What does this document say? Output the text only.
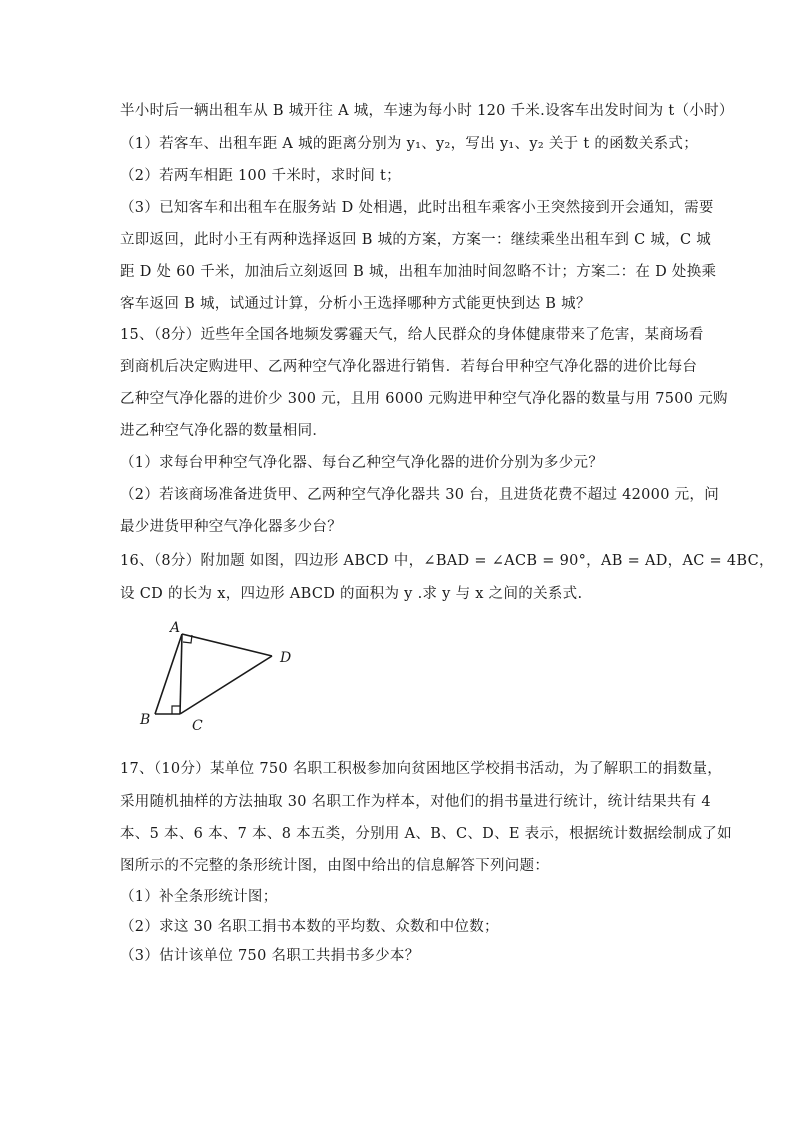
半小时后一辆出租车从 B 城开往 A 城，车速为每小时 120 千米.设客车出发时间为 t（小时）
（1）若客车、出租车距 A 城的距离分别为 y₁、y₂，写出 y₁、y₂ 关于 t 的函数关系式；
（2）若两车相距 100 千米时，求时间 t；
（3）已知客车和出租车在服务站 D 处相遇，此时出租车乘客小王突然接到开会通知，需要
立即返回，此时小王有两种选择返回 B 城的方案，方案一：继续乘坐出租车到 C 城，C 城
距 D 处 60 千米，加油后立刻返回 B 城，出租车加油时间忽略不计；方案二：在 D 处换乘
客车返回 B 城，试通过计算，分析小王选择哪种方式能更快到达 B 城？
15、（8分）近些年全国各地频发雾霾天气，给人民群众的身体健康带来了危害，某商场看
到商机后决定购进甲、乙两种空气净化器进行销售．若每台甲种空气净化器的进价比每台
乙种空气净化器的进价少 300 元，且用 6000 元购进甲种空气净化器的数量与用 7500 元购
进乙种空气净化器的数量相同．
（1）求每台甲种空气净化器、每台乙种空气净化器的进价分别为多少元？
（2）若该商场准备进货甲、乙两种空气净化器共 30 台，且进货花费不超过 42000 元，问
最少进货甲种空气净化器多少台？
16、（8分）附加题 如图，四边形 ABCD 中，∠BAD = ∠ACB = 90°，AB = AD，AC = 4BC，
设 CD 的长为 x，四边形 ABCD 的面积为 y .求 y 与 x 之间的关系式.
A
B	C
D
17、（10分）某单位 750 名职工积极参加向贫困地区学校捐书活动，为了解职工的捐数量，
采用随机抽样的方法抽取 30 名职工作为样本，对他们的捐书量进行统计，统计结果共有 4
本、5 本、6 本、7 本、8 本五类，分别用 A、B、C、D、E 表示，根据统计数据绘制成了如
图所示的不完整的条形统计图，由图中给出的信息解答下列问题：
（1）补全条形统计图；
（2）求这 30 名职工捐书本数的平均数、众数和中位数；
（3）估计该单位 750 名职工共捐书多少本？
